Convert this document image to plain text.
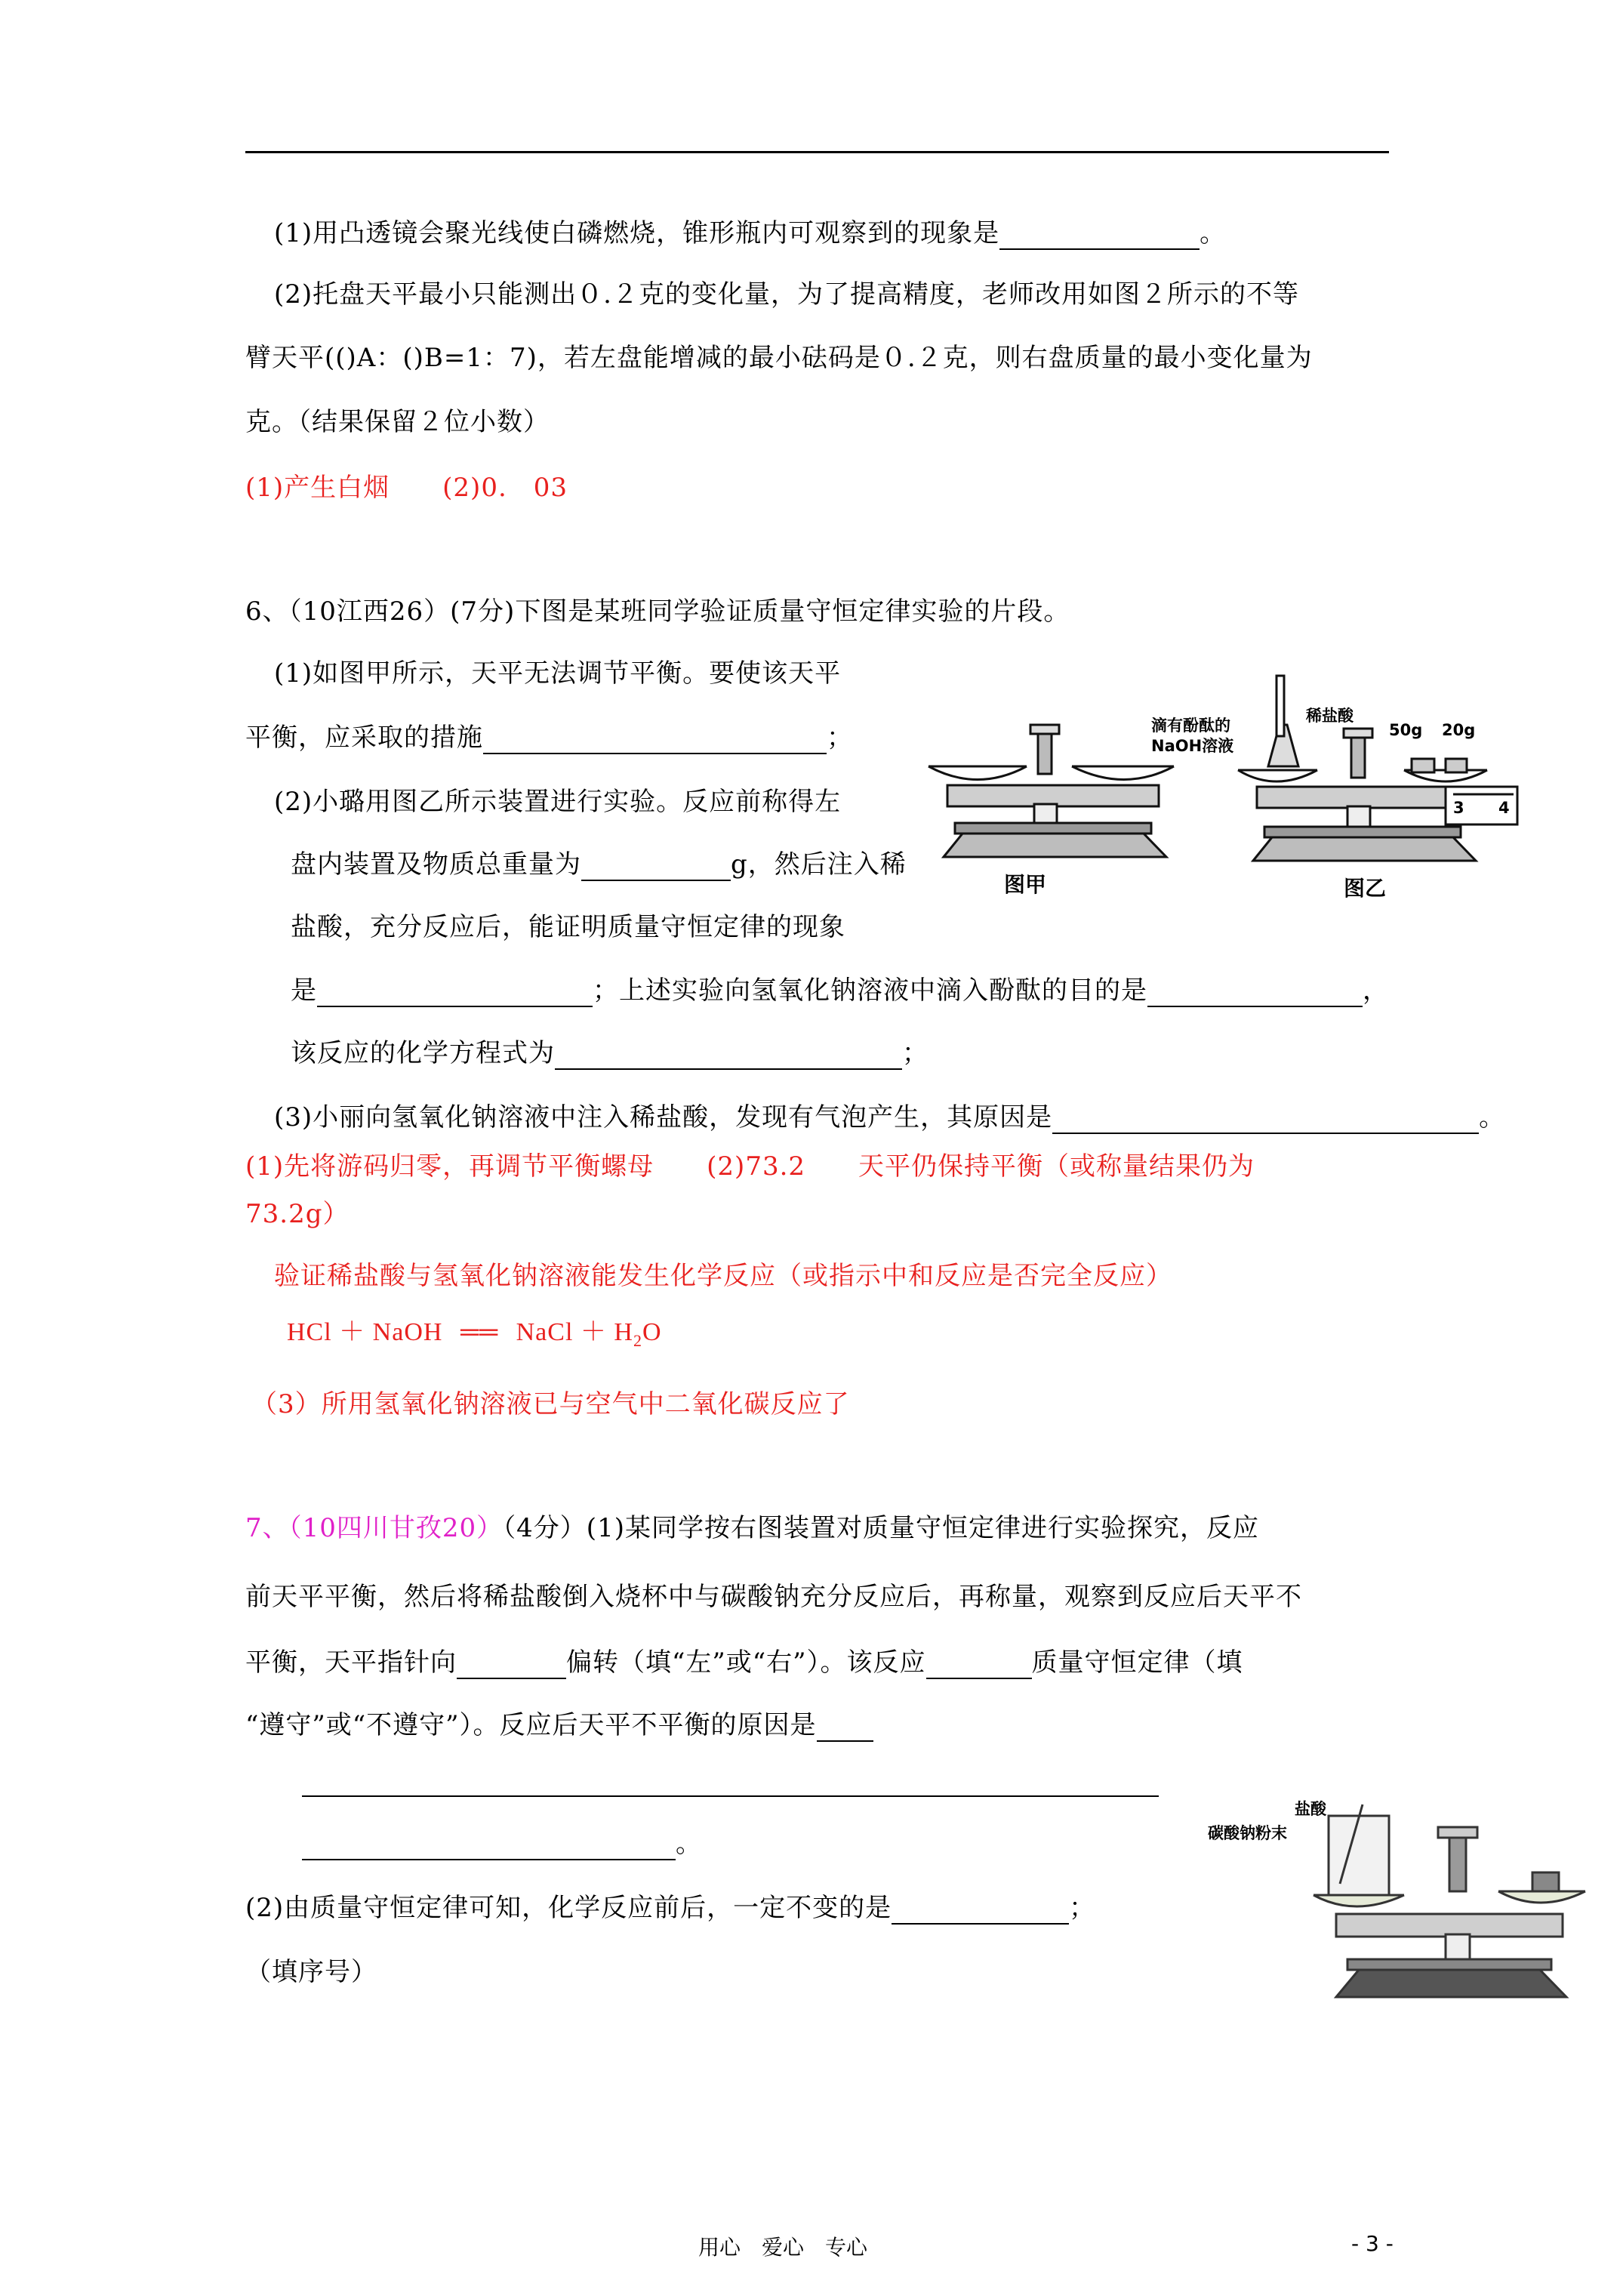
(1)用凸透镜会聚光线使白磷燃烧，锥形瓶内可观察到的现象是	。
(2)托盘天平最小只能测出０.２克的变化量，为了提高精度，老师改用如图２所示的不等
臂天平(()A：()B=1：7)，若左盘能增减的最小砝码是０.２克，则右盘质量的最小变化量为
克。（结果保留２位小数）
(1)产生白烟　　(2)0.　03
6、（10江西26）(7分)下图是某班同学验证质量守恒定律实验的片段。
(1)如图甲所示，天平无法调节平衡。要使该天平
平衡，应采取的措施	；
(2)小璐用图乙所示装置进行实验。反应前称得左
盘内装置及物质总重量为	g，然后注入稀
盐酸，充分反应后，能证明质量守恒定律的现象
是	；上述实验向氢氧化钠溶液中滴入酚酞的目的是	，
该反应的化学方程式为	；
(3)小丽向氢氧化钠溶液中注入稀盐酸，发现有气泡产生，其原因是	。
(1)先将游码归零，再调节平衡螺母　　(2)73.2　　天平仍保持平衡（或称量结果仍为
73.2g）
验证稀盐酸与氢氧化钠溶液能发生化学反应（或指示中和反应是否完全反应）
HCl ＋ NaOH ══ NaCl ＋ $H_2O$
（3）所用氢氧化钠溶液已与空气中二氧化碳反应了
图甲	图乙
滴有酚酞的
NaOH溶液
稀盐酸
50g 20g
3 4
7、（10四川甘孜20）（4分）(1)某同学按右图装置对质量守恒定律进行实验探究，反应
前天平平衡，然后将稀盐酸倒入烧杯中与碳酸钠充分反应后，再称量，观察到反应后天平不
平衡，天平指针向	偏转（填“左”或“右”）。该反应	质量守恒定律（填
“遵守”或“不遵守”）。反应后天平不平衡的原因是
。
(2)由质量守恒定律可知，化学反应前后，一定不变的是	；
（填序号）
盐酸
碳酸钠粉末
用心　爱心　专心	- 3 -
